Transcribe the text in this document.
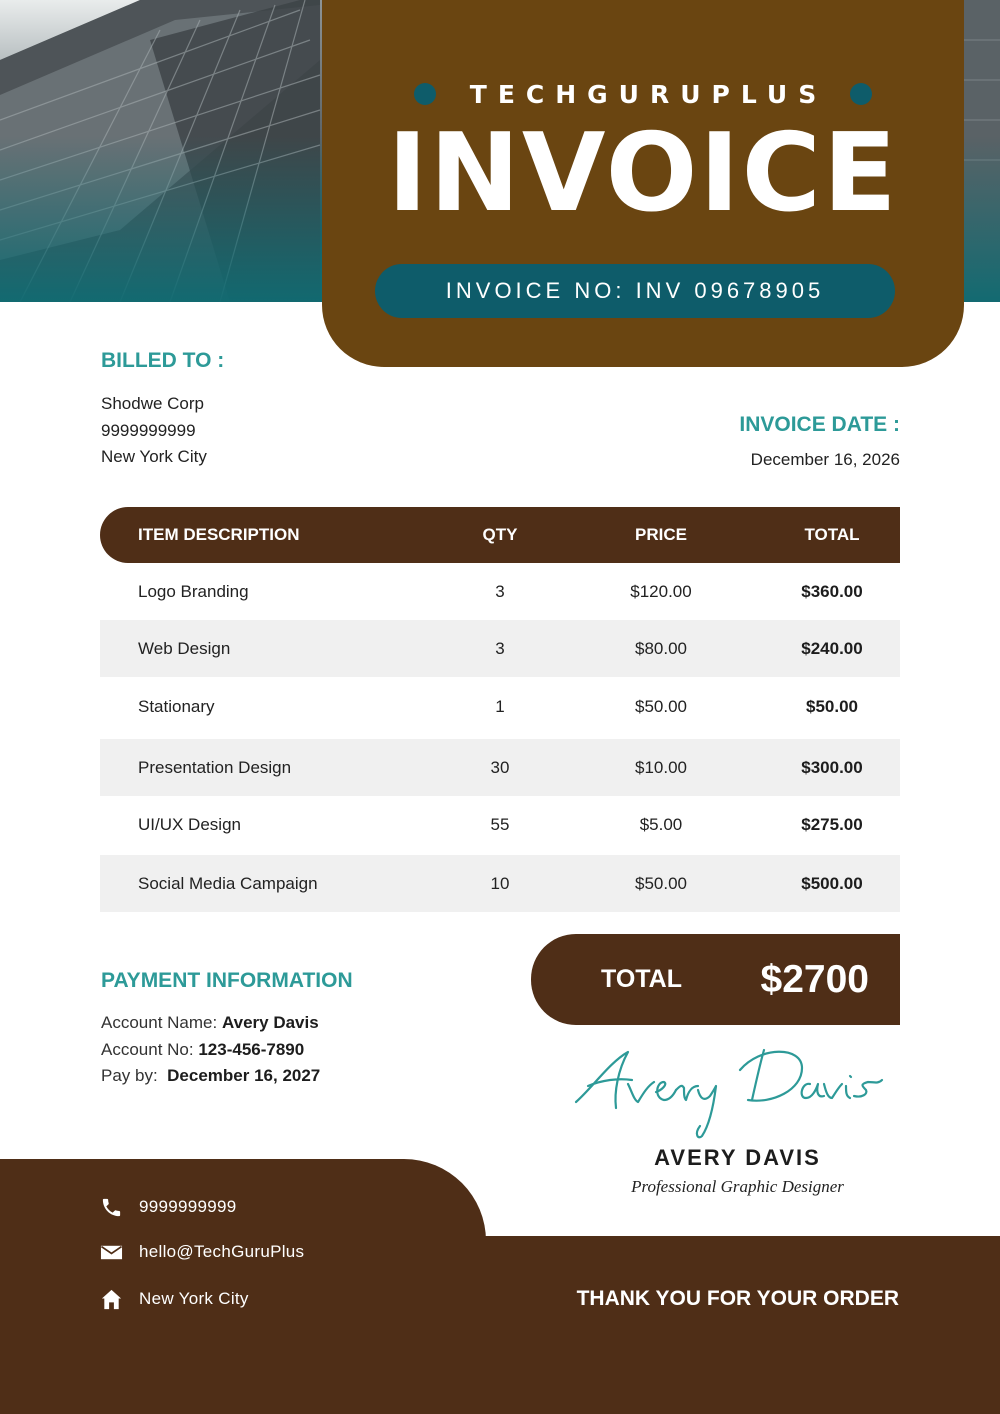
TECHGURUPLUS
INVOICE
INVOICE NO: INV 09678905
BILLED TO :
Shodwe Corp
9999999999
New York City
INVOICE DATE :
December 16, 2026
ITEM DESCRIPTION	QTY	PRICE	TOTAL
Logo Branding	3	$120.00	$360.00
Web Design	3	$80.00	$240.00
Stationary	1	$50.00	$50.00
Presentation Design	30	$10.00	$300.00
UI/UX Design	55	$5.00	$275.00
Social Media Campaign	10	$50.00	$500.00
PAYMENT INFORMATION
Account Name: Avery Davis
Account No: 123-456-7890
Pay by: December 16, 2027
TOTAL $2700
AVERY DAVIS
Professional Graphic Designer
9999999999
hello@TechGuruPlus
New York City	THANK YOU FOR YOUR ORDER
